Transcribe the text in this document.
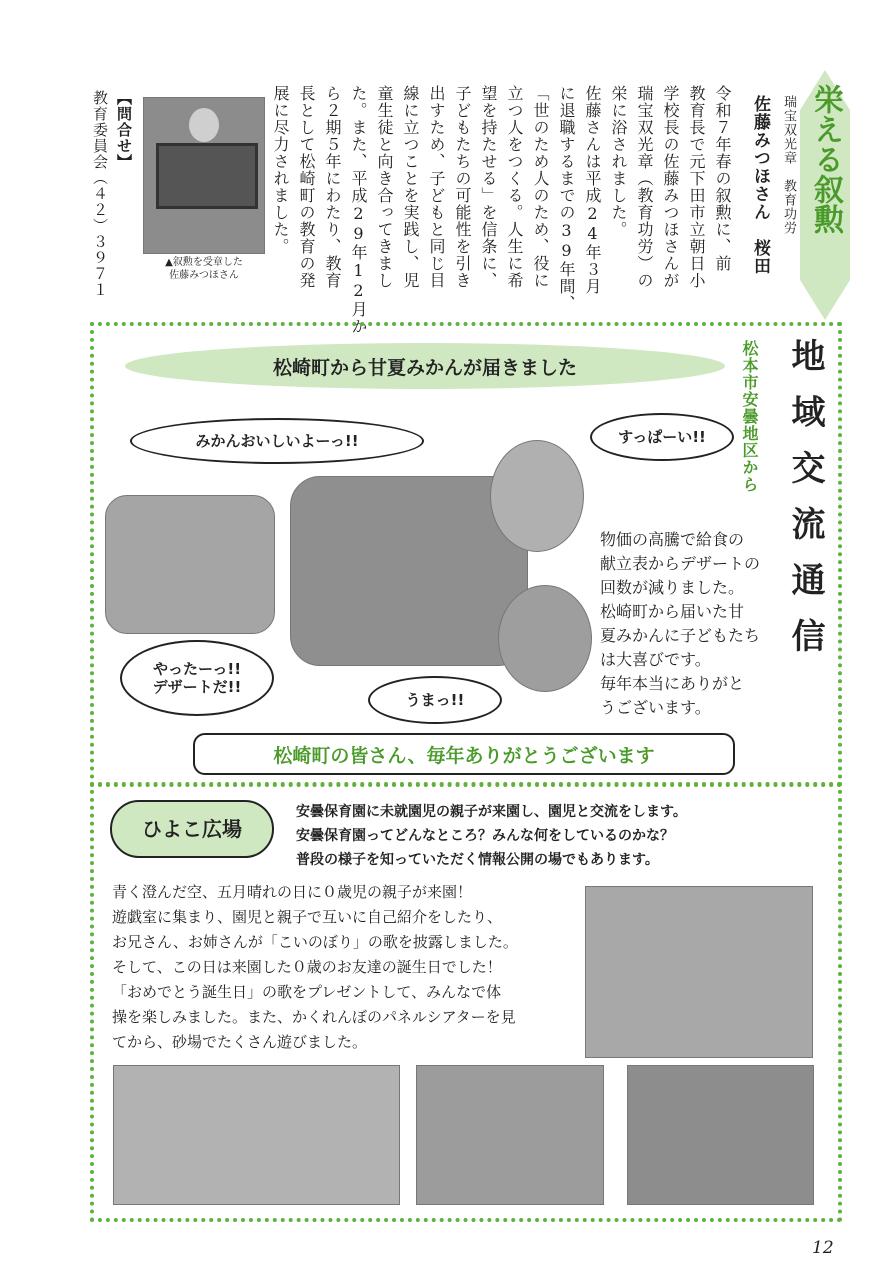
栄える叙勲
瑞宝双光章　教育功労
佐藤みつほさん　桜田
令和７年春の叙勲に、前
教育長で元下田市立朝日小
学校長の佐藤みつほさんが
瑞宝双光章（教育功労）の
栄に浴されました。
佐藤さんは平成24年３月
に退職するまでの39年間、
「世のため人のため、役に
立つ人をつくる。人生に希
望を持たせる」を信条に、
子どもたちの可能性を引き
出すため、子どもと同じ目
線に立つことを実践し、児
童生徒と向き合ってきまし
た。また、平成29年12月か
ら２期５年にわたり、教育
長として松崎町の教育の発
展に尽力されました。
▲叙勲を受章した
佐藤みつほさん
【問合せ】
教育委員会（４２）３９７１
地域交流通信
松本市安曇地区から
松崎町から甘夏みかんが届きました
みかんおいしいよーっ!!	すっぱーい!!
やったーっ!!
デザートだ!!
うまっ!!
物価の高騰で給食の
献立表からデザートの
回数が減りました。
松崎町から届いた甘
夏みかんに子どもたち
は大喜びです。
毎年本当にありがと
うございます。
松崎町の皆さん、毎年ありがとうございます
ひよこ広場
安曇保育園に未就園児の親子が来園し、園児と交流をします。
安曇保育園ってどんなところ？みんな何をしているのかな？
普段の様子を知っていただく情報公開の場でもあります。
青く澄んだ空、五月晴れの日に０歳児の親子が来園！
遊戯室に集まり、園児と親子で互いに自己紹介をしたり、
お兄さん、お姉さんが「こいのぼり」の歌を披露しました。
そして、この日は来園した０歳のお友達の誕生日でした！
「おめでとう誕生日」の歌をプレゼントして、みんなで体
操を楽しみました。また、かくれんぼのパネルシアターを見
てから、砂場でたくさん遊びました。
12
